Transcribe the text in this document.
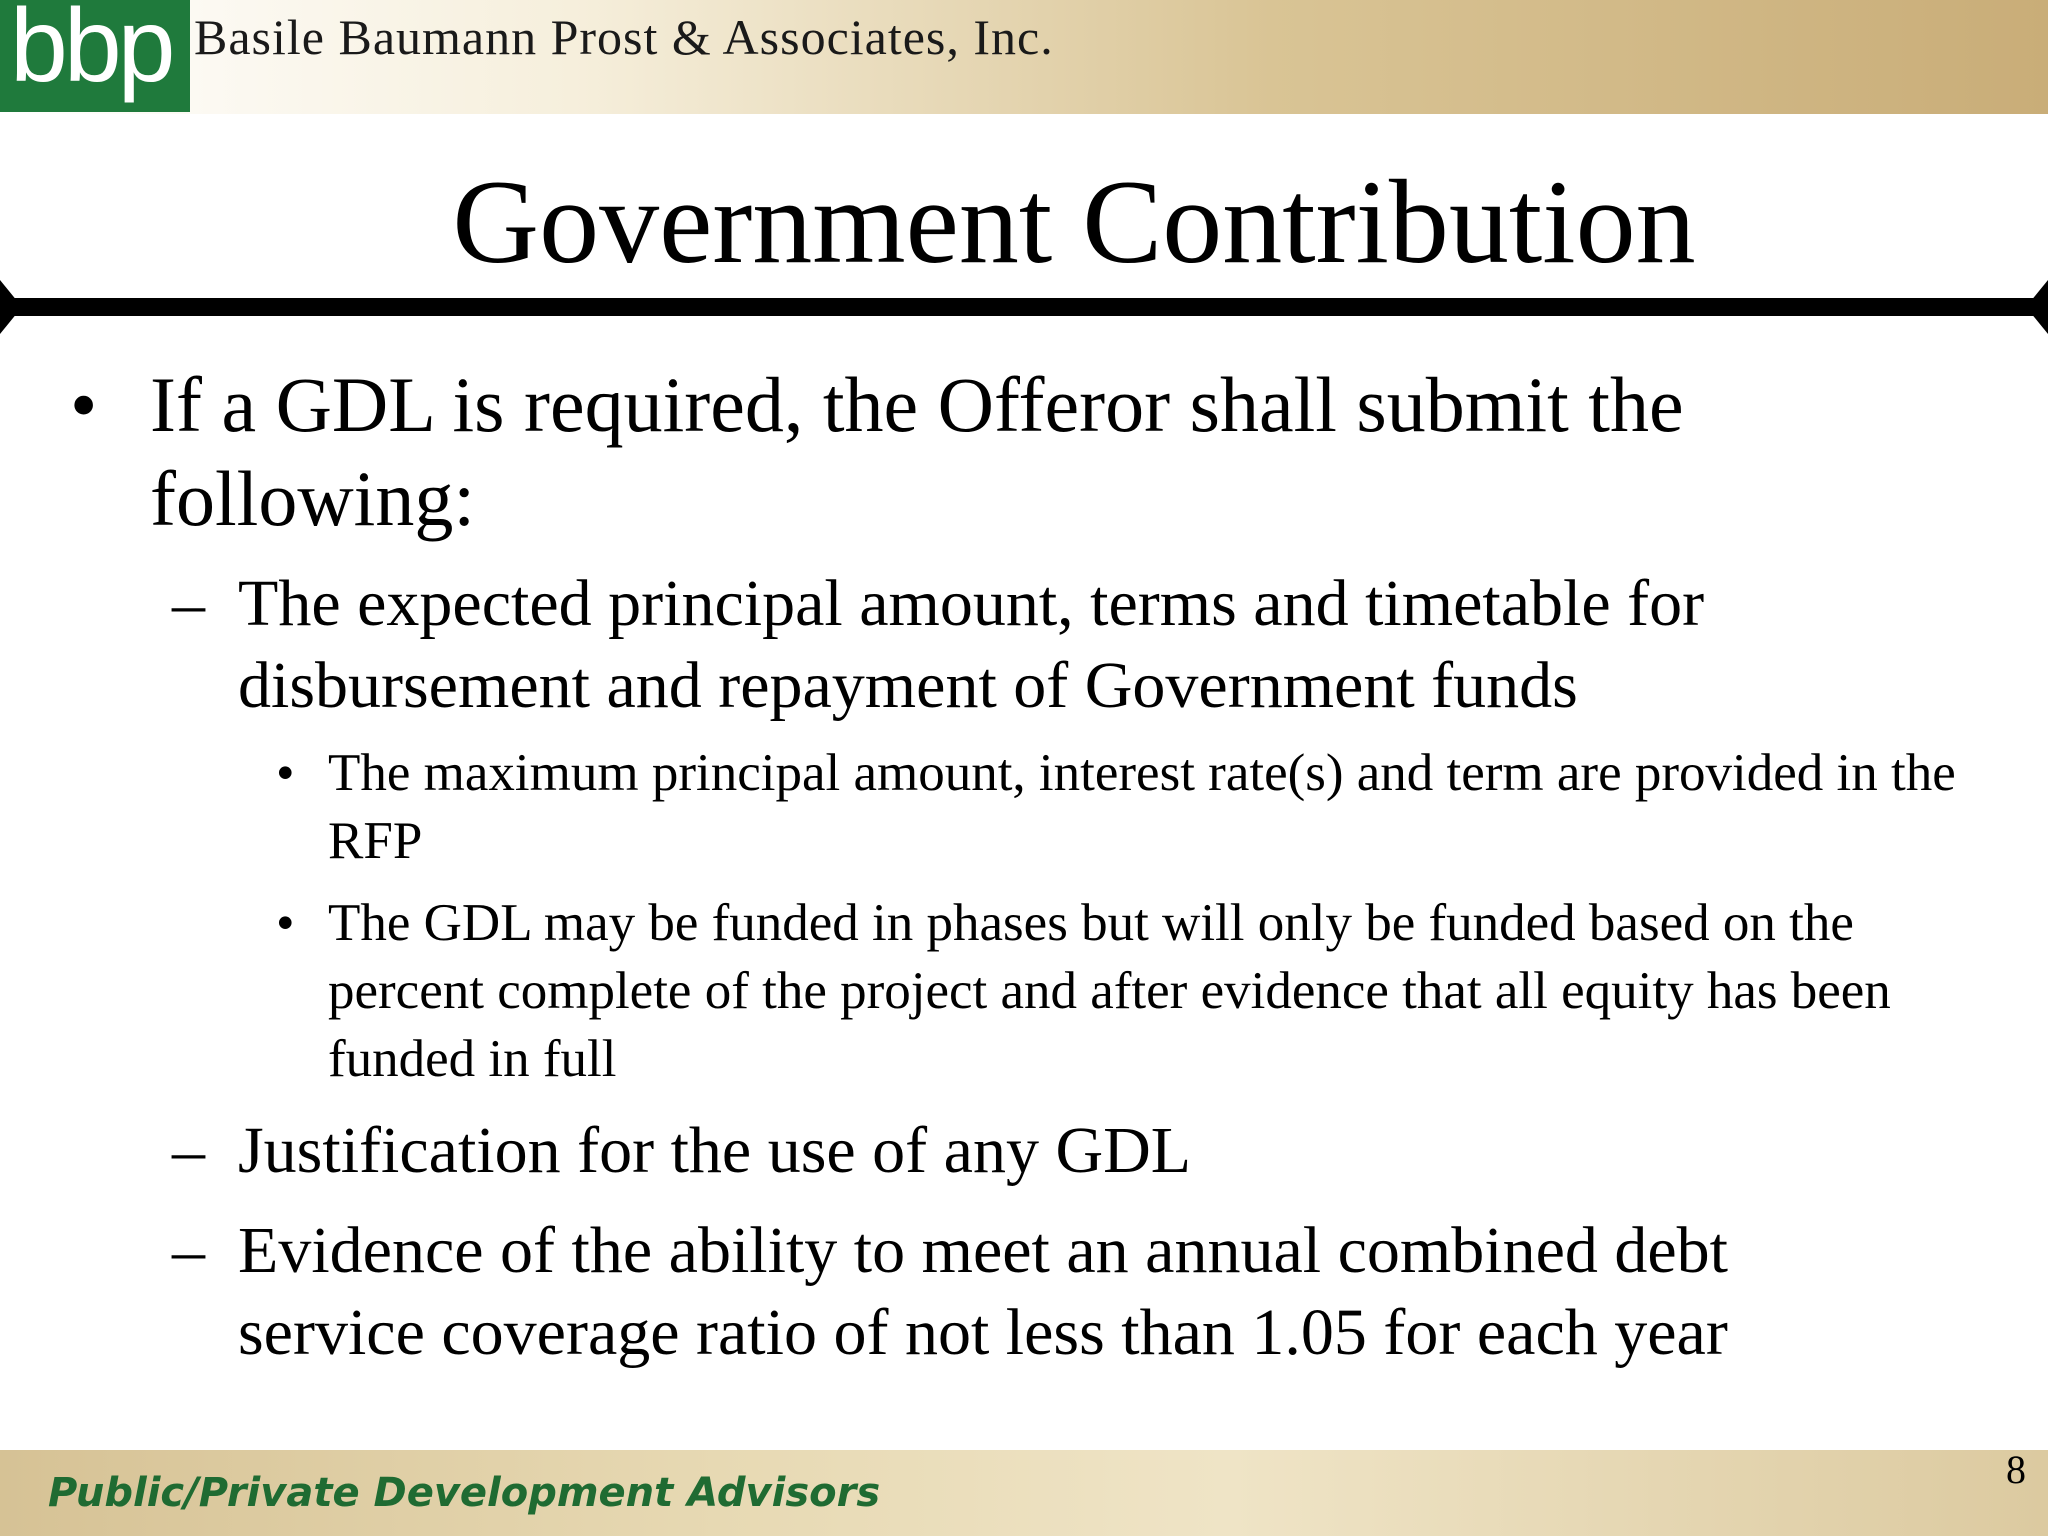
bbp Basile Baumann Prost & Associates, Inc.
Government Contribution
• If a GDL is required, the Offeror shall submit the following:
– The expected principal amount, terms and timetable for disbursement and repayment of Government funds
• The maximum principal amount, interest rate(s) and term are provided in the RFP
• The GDL may be funded in phases but will only be funded based on the percent complete of the project and after evidence that all equity has been funded in full
– Justification for the use of any GDL
– Evidence of the ability to meet an annual combined debt service coverage ratio of not less than 1.05 for each year
Public/Private Development Advisors
8
